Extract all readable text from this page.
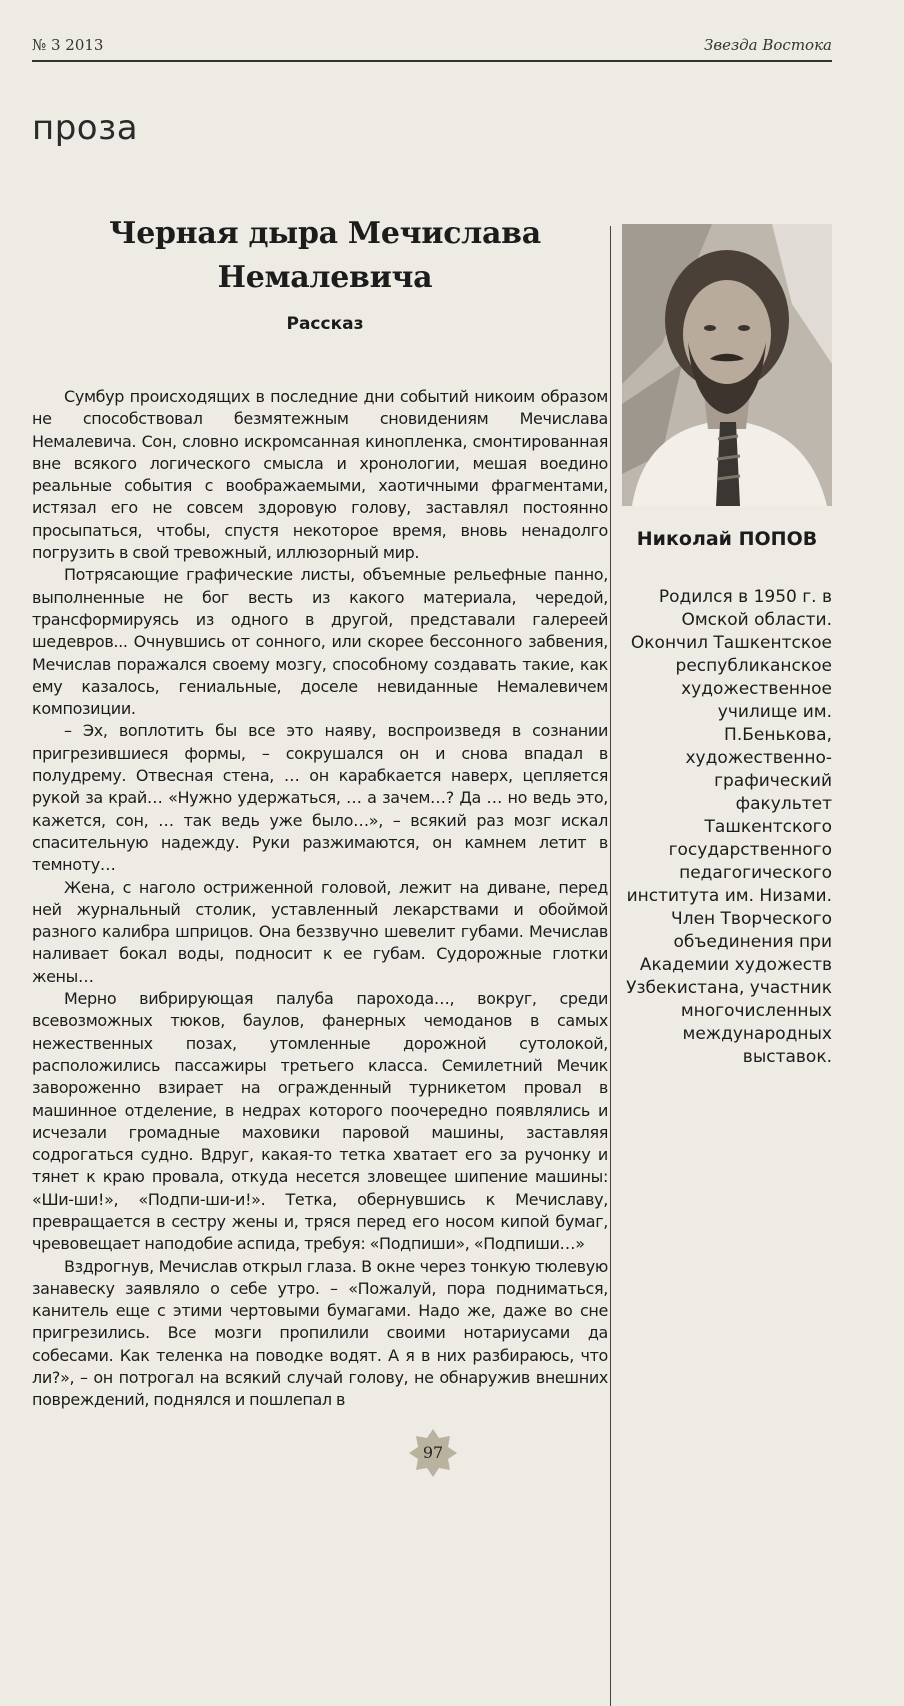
№ 3 2013	Звезда Востока
проза
Черная дыра Мечислава Немалевича
Рассказ

Сумбур происходящих в последние дни событий никоим образом не способствовал безмятежным сновидениям Мечислава Немалевича. Сон, словно искромсанная кинопленка, смонтированная вне всякого логического смысла и хронологии, мешая воедино реальные события с воображаемыми, хаотичными фрагментами, истязал его не совсем здоровую голову, заставлял постоянно просыпаться, чтобы, спустя некоторое время, вновь ненадолго погрузить в свой тревожный, иллюзорный мир.

Потрясающие графические листы, объемные рельефные панно, выполненные не бог весть из какого материала, чередой, трансформируясь из одного в другой, представали галереей шедевров... Очнувшись от сонного, или скорее бессонного забвения, Мечислав поражался своему мозгу, способному создавать такие, как ему казалось, гениальные, доселе невиданные Немалевичем композиции.

– Эх, воплотить бы все это наяву, воспроизведя в сознании пригрезившиеся формы, – сокрушался он и снова впадал в полудрему. Отвесная стена, … он карабкается наверх, цепляется рукой за край… «Нужно удержаться, … а зачем…? Да … но ведь это, кажется, сон, … так ведь уже было…», – всякий раз мозг искал спасительную надежду. Руки разжимаются, он камнем летит в темноту…

Жена, с наголо остриженной головой, лежит на диване, перед ней журнальный столик, уставленный лекарствами и обоймой разного калибра шприцов. Она беззвучно шевелит губами. Мечислав наливает бокал воды, подносит к ее губам. Судорожные глотки жены…

Мерно вибрирующая палуба парохода…, вокруг, среди всевозможных тюков, баулов, фанерных чемоданов в самых нежественных позах, утомленные дорожной сутолокой, расположились пассажиры третьего класса. Семилетний Мечик завороженно взирает на огражденный турникетом провал в машинное отделение, в недрах которого поочередно появлялись и исчезали громадные маховики паровой машины, заставляя содрогаться судно. Вдруг, какая-то тетка хватает его за ручонку и тянет к краю провала, откуда несется зловещее шипение машины: «Ши-ши!», «Подпи-ши-и!». Тетка, обернувшись к Мечиславу, превращается в сестру жены и, тряся перед его носом кипой бумаг, чревовещает наподобие аспида, требуя: «Подпиши», «Подпиши…»

Вздрогнув, Мечислав открыл глаза. В окне через тонкую тюлевую занавеску заявляло о себе утро. – «Пожалуй, пора подниматься, канитель еще с этими чертовыми бумагами. Надо же, даже во сне пригрезились. Все мозги пропилили своими нотариусами да собесами. Как теленка на поводке водят. А я в них разбираюсь, что ли?», – он потрогал на всякий случай голову, не обнаружив внешних повреждений, поднялся и пошлепал в

Николай ПОПОВ
Родился в 1950 г. в Омской области. Окончил Ташкентское республиканское художественное училище им. П.Бенькова, художественно-графический факультет Ташкентского государственного педагогического института им. Низами. Член Творческого объединения при Академии художеств Узбекистана, участник многочисленных международных выставок.
97
